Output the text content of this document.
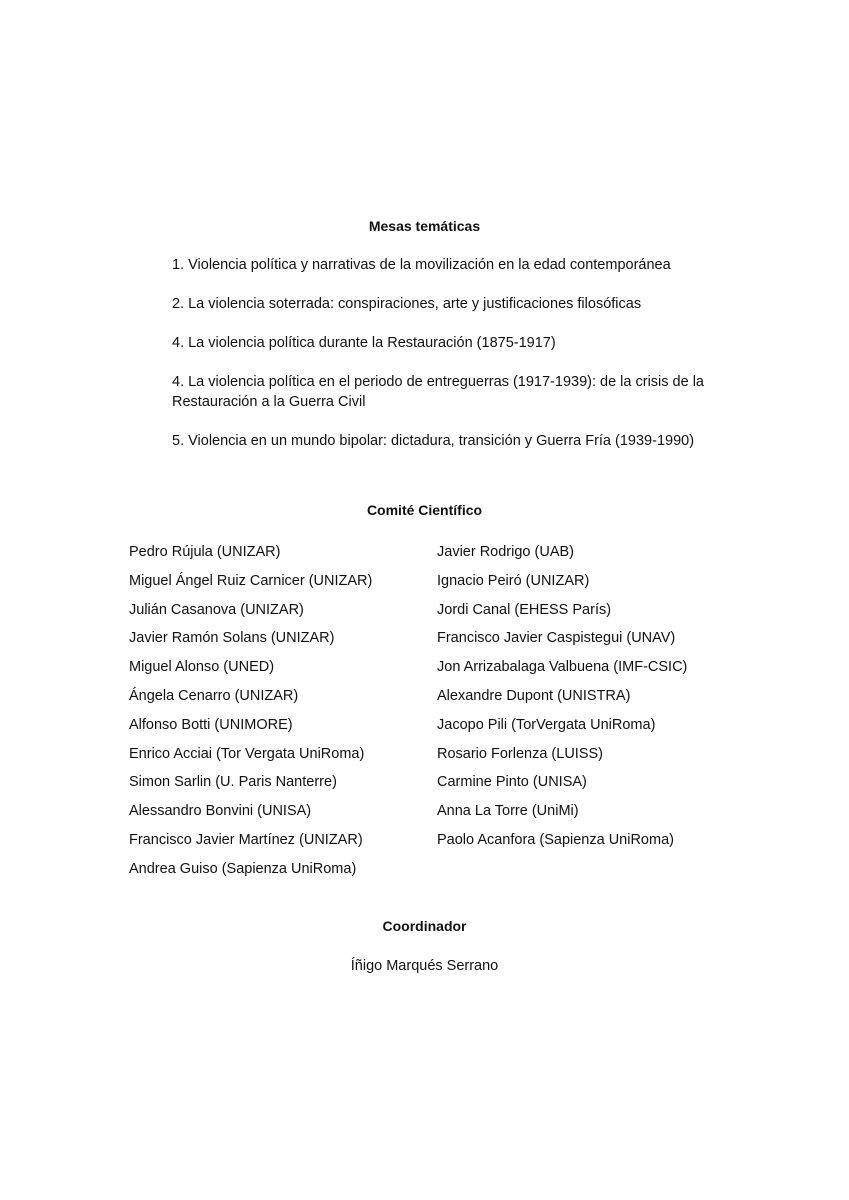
Mesas temáticas
1. Violencia política y narrativas de la movilización en la edad contemporánea
2. La violencia soterrada: conspiraciones, arte y justificaciones filosóficas
4. La violencia política durante la Restauración (1875-1917)
4. La violencia política en el periodo de entreguerras (1917-1939): de la crisis de la Restauración a la Guerra Civil
5. Violencia en un mundo bipolar: dictadura, transición y Guerra Fría (1939-1990)
Comité Científico
Pedro Rújula (UNIZAR)
Miguel Ángel Ruiz Carnicer (UNIZAR)
Julián Casanova (UNIZAR)
Javier Ramón Solans (UNIZAR)
Miguel Alonso (UNED)
Ángela Cenarro (UNIZAR)
Alfonso Botti (UNIMORE)
Enrico Acciai (Tor Vergata UniRoma)
Simon Sarlin (U. Paris Nanterre)
Alessandro Bonvini (UNISA)
Francisco Javier Martínez (UNIZAR)
Andrea Guiso (Sapienza UniRoma)
Javier Rodrigo (UAB)
Ignacio Peiró (UNIZAR)
Jordi Canal (EHESS París)
Francisco Javier Caspistegui (UNAV)
Jon Arrizabalaga Valbuena (IMF-CSIC)
Alexandre Dupont (UNISTRA)
Jacopo Pili (TorVergata UniRoma)
Rosario Forlenza (LUISS)
Carmine Pinto (UNISA)
Anna La Torre (UniMi)
Paolo Acanfora (Sapienza UniRoma)
Coordinador
Íñigo Marqués Serrano
